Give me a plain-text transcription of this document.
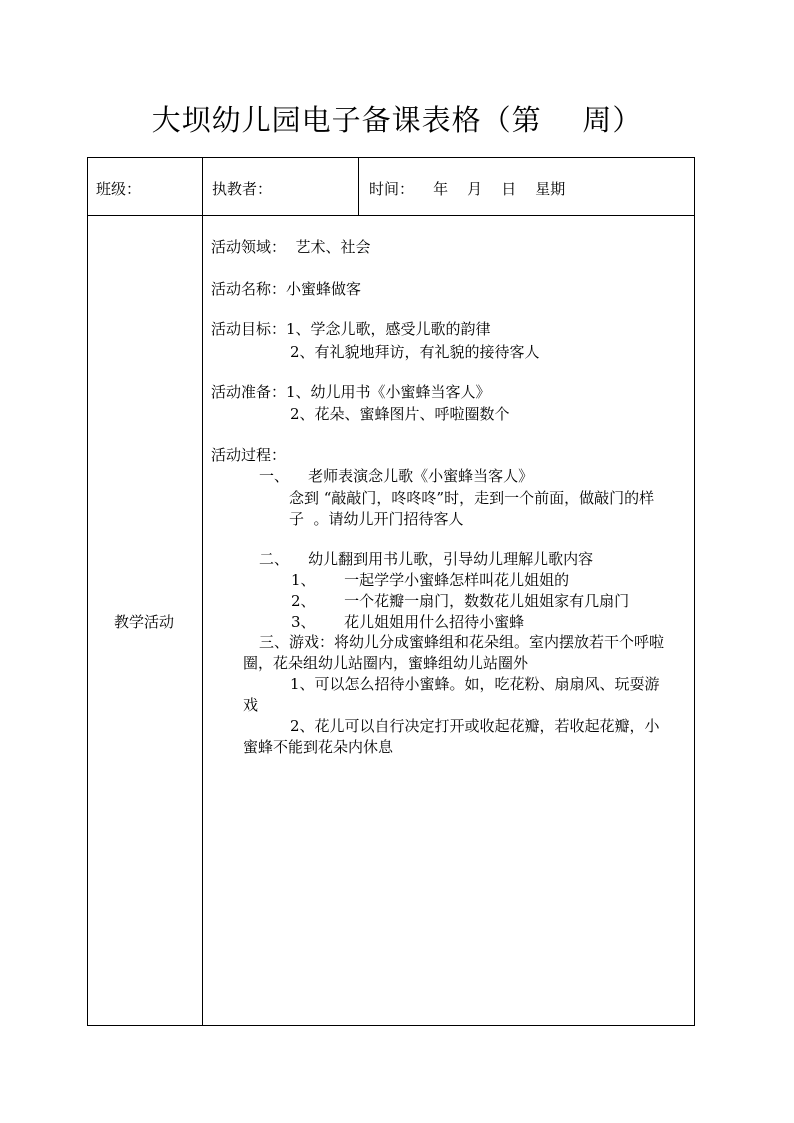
大坝幼儿园电子备课表格（第    周）
班级：	执教者：	时间：    年    月    日    星期
教学活动
活动领域：  艺术、社会
活动名称：小蜜蜂做客
活动目标：1、学念儿歌，感受儿歌的韵律
2、有礼貌地拜访，有礼貌的接待客人
活动准备：1、幼儿用书《小蜜蜂当客人》
2、花朵、蜜蜂图片、呼啦圈数个
活动过程：
一、    老师表演念儿歌《小蜜蜂当客人》
念到 “敲敲门，咚咚咚”时，走到一个前面，做敲门的样
子  。请幼儿开门招待客人
二、    幼儿翻到用书儿歌，引导幼儿理解儿歌内容
1、      一起学学小蜜蜂怎样叫花儿姐姐的
2、      一个花瓣一扇门，数数花儿姐姐家有几扇门
3、      花儿姐姐用什么招待小蜜蜂
三、游戏：将幼儿分成蜜蜂组和花朵组。室内摆放若干个呼啦
圈，花朵组幼儿站圈内，蜜蜂组幼儿站圈外
1、可以怎么招待小蜜蜂。如，吃花粉、扇扇风、玩耍游
戏
2、花儿可以自行决定打开或收起花瓣，若收起花瓣，小
蜜蜂不能到花朵内休息
